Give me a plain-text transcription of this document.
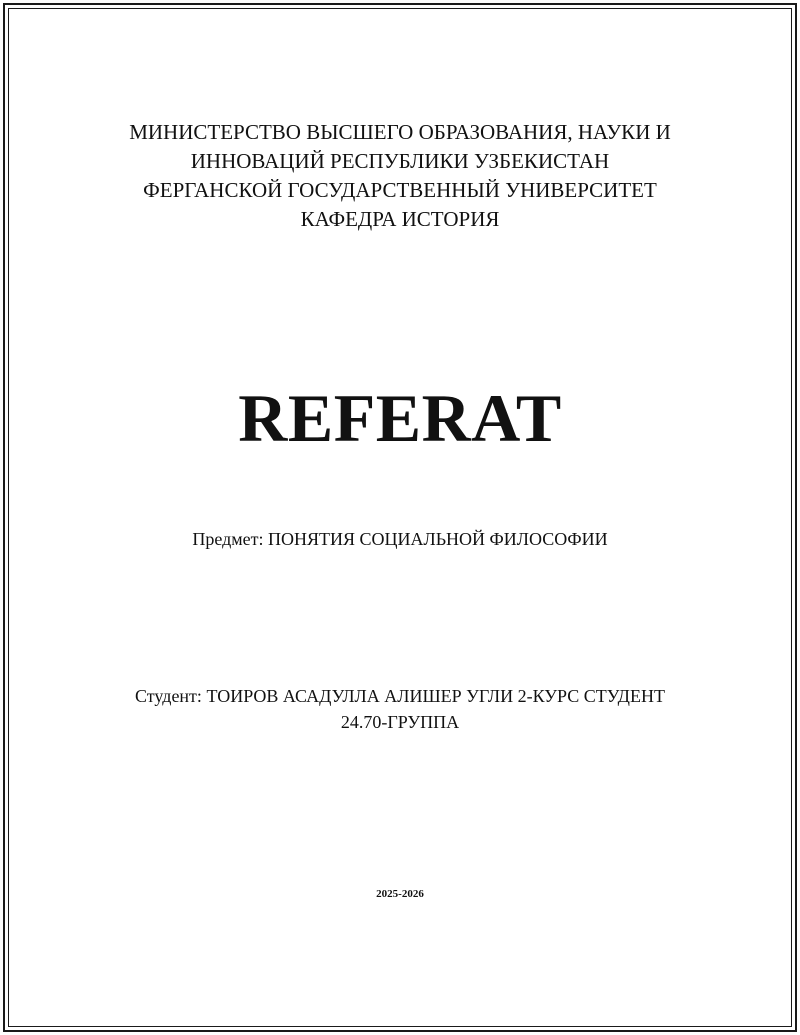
МИНИСТЕРСТВО ВЫСШЕГО ОБРАЗОВАНИЯ, НАУКИ И
ИННОВАЦИЙ РЕСПУБЛИКИ УЗБЕКИСТАН
ФЕРГАНСКОЙ ГОСУДАРСТВЕННЫЙ УНИВЕРСИТЕТ
КАФЕДРА ИСТОРИЯ
REFERAT
Предмет: ПОНЯТИЯ СОЦИАЛЬНОЙ ФИЛОСОФИИ
Студент: ТОИРОВ АСАДУЛЛА АЛИШЕР УГЛИ 2-КУРС СТУДЕНТ
24.70-ГРУППА
2025-2026
